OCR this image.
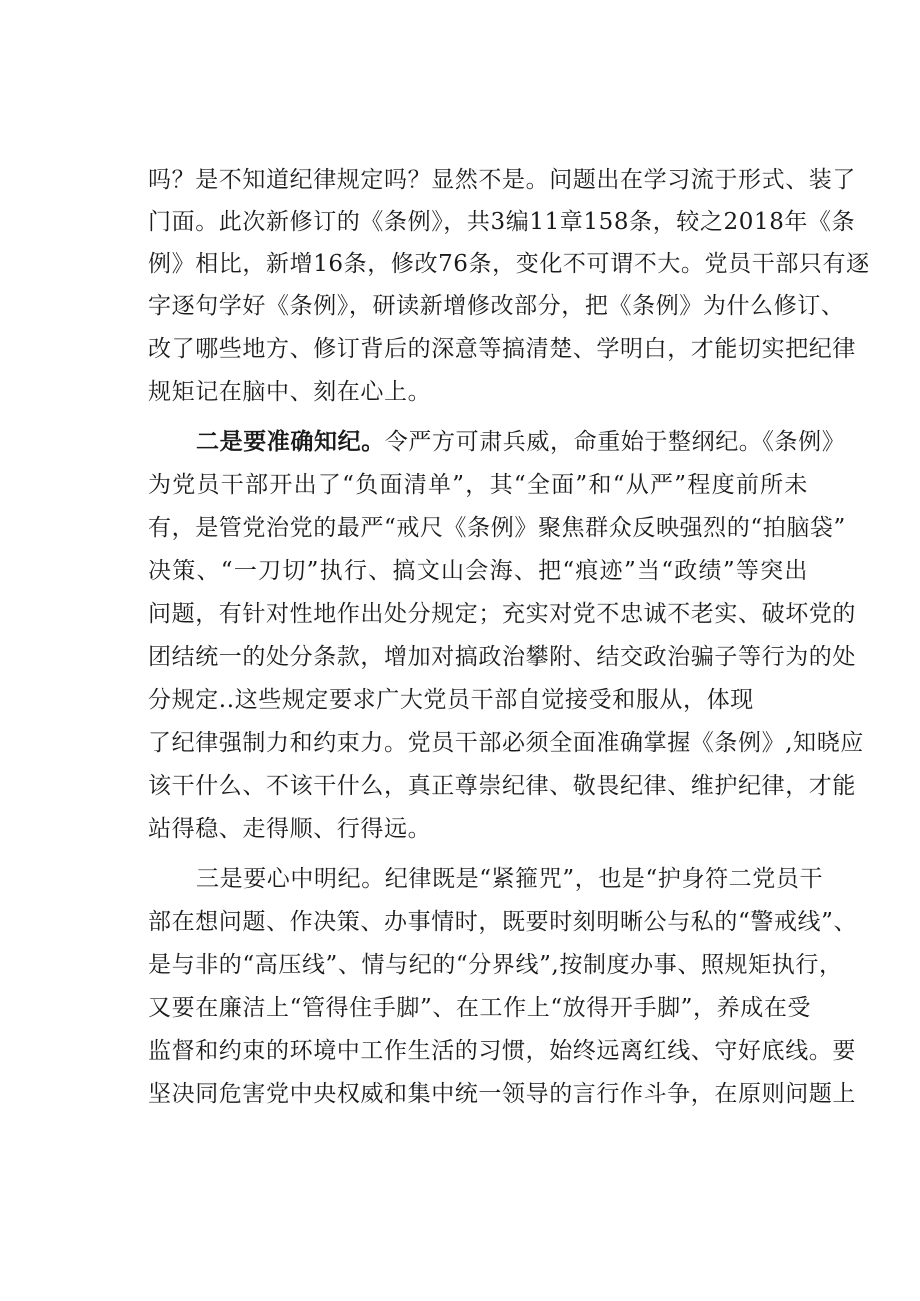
吗？是不知道纪律规定吗？显然不是。问题出在学习流于形式、装了
门面。此次新修订的《条例》，共3编11章158条，较之2018年《条
例》相比，新增16条，修改76条，变化不可谓不大。党员干部只有逐
字逐句学好《条例》，研读新增修改部分，把《条例》为什么修订、
改了哪些地方、修订背后的深意等搞清楚、学明白，才能切实把纪律
规矩记在脑中、刻在心上。
二是要准确知纪。令严方可肃兵威，命重始于整纲纪。《条例》
为党员干部开出了“负面清单”，其“全面”和“从严”程度前所未
有，是管党治党的最严“戒尺《条例》聚焦群众反映强烈的“拍脑袋”
决策、“一刀切”执行、搞文山会海、把“痕迹”当“政绩”等突出
问题，有针对性地作出处分规定；充实对党不忠诚不老实、破坏党的
团结统一的处分条款，增加对搞政治攀附、结交政治骗子等行为的处
分规定..这些规定要求广大党员干部自觉接受和服从，体现
了纪律强制力和约束力。党员干部必须全面准确掌握《条例》,知晓应
该干什么、不该干什么，真正尊崇纪律、敬畏纪律、维护纪律，才能
站得稳、走得顺、行得远。
三是要心中明纪。纪律既是“紧箍咒”，也是“护身符二党员干
部在想问题、作决策、办事情时，既要时刻明晰公与私的“警戒线”、
是与非的“高压线”、情与纪的“分界线”,按制度办事、照规矩执行，
又要在廉洁上“管得住手脚”、在工作上“放得开手脚”，养成在受
监督和约束的环境中工作生活的习惯，始终远离红线、守好底线。要
坚决同危害党中央权威和集中统一领导的言行作斗争，在原则问题上
